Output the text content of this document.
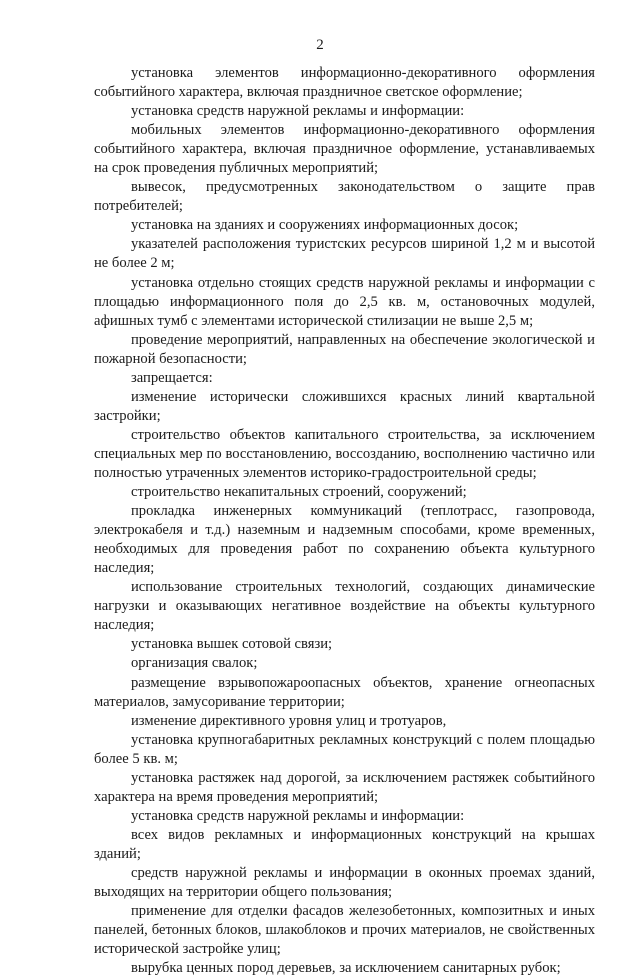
2

установка элементов информационно-декоративного оформления событийного характера, включая праздничное светское оформление;

установка средств наружной рекламы и информации:

мобильных элементов информационно-декоративного оформления событийного характера, включая праздничное оформление, устанавливаемых на срок проведения публичных мероприятий;

вывесок, предусмотренных законодательством о защите прав потребителей;

установка на зданиях и сооружениях информационных досок;

указателей расположения туристских ресурсов шириной 1,2 м и высотой не более 2 м;

установка отдельно стоящих средств наружной рекламы и информации с площадью информационного поля до 2,5 кв. м, остановочных модулей, афишных тумб с элементами исторической стилизации не выше 2,5 м;

проведение мероприятий, направленных на обеспечение экологической и пожарной безопасности;

запрещается:

изменение исторически сложившихся красных линий квартальной застройки;

строительство объектов капитального строительства, за исключением специальных мер по восстановлению, воссозданию, восполнению частично или полностью утраченных элементов историко-градостроительной среды;

строительство некапитальных строений, сооружений;

прокладка инженерных коммуникаций (теплотрасс, газопровода, электрокабеля и т.д.) наземным и надземным способами, кроме временных, необходимых для проведения работ по сохранению объекта культурного наследия;

использование строительных технологий, создающих динамические нагрузки и оказывающих негативное воздействие на объекты культурного наследия;

установка вышек сотовой связи;

организация свалок;

размещение взрывопожароопасных объектов, хранение огнеопасных материалов, замусоривание территории;

изменение директивного уровня улиц и тротуаров,

установка крупногабаритных рекламных конструкций с полем площадью более 5 кв. м;

установка растяжек над дорогой, за исключением растяжек событийного характера на время проведения мероприятий;

установка средств наружной рекламы и информации:

всех видов рекламных и информационных конструкций на крышах зданий;

средств наружной рекламы и информации в оконных проемах зданий, выходящих на территории общего пользования;

применение для отделки фасадов железобетонных, композитных и иных панелей, бетонных блоков, шлакоблоков и прочих материалов, не свойственных исторической застройке улиц;

вырубка ценных пород деревьев, за исключением санитарных рубок;
